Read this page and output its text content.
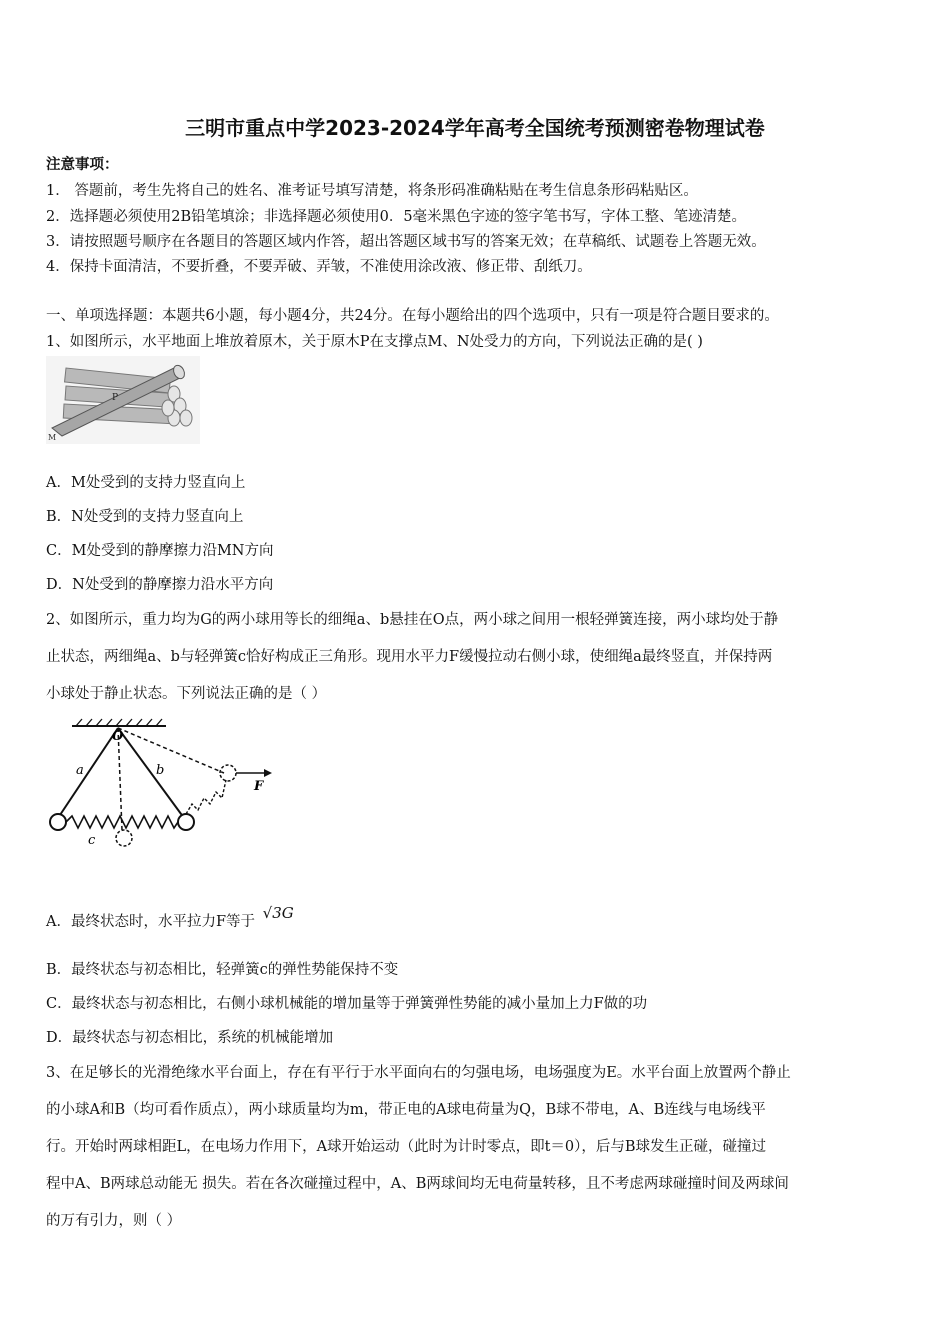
三明市重点中学2023-2024学年高考全国统考预测密卷物理试卷
注意事项：
1． 答题前，考生先将自己的姓名、准考证号填写清楚，将条形码准确粘贴在考生信息条形码粘贴区。
2．选择题必须使用2B铅笔填涂；非选择题必须使用0．5毫米黑色字迹的签字笔书写，字体工整、笔迹清楚。
3．请按照题号顺序在各题目的答题区域内作答，超出答题区域书写的答案无效；在草稿纸、试题卷上答题无效。
4．保持卡面清洁，不要折叠，不要弄破、弄皱，不准使用涂改液、修正带、刮纸刀。
一、单项选择题：本题共6小题，每小题4分，共24分。在每小题给出的四个选项中，只有一项是符合题目要求的。
1、如图所示，水平地面上堆放着原木，关于原木P在支撑点M、N处受力的方向，下列说法正确的是( )
M
P
A．M处受到的支持力竖直向上
B．N处受到的支持力竖直向上
C．M处受到的静摩擦力沿MN方向
D．N处受到的静摩擦力沿水平方向
2、如图所示，重力均为G的两小球用等长的细绳a、b悬挂在O点，两小球之间用一根轻弹簧连接，两小球均处于静
止状态，两细绳a、b与轻弹簧c恰好构成正三角形。现用水平力F缓慢拉动右侧小球，使细绳a最终竖直，并保持两
小球处于静止状态。下列说法正确的是（ ）
O
a	b
c
F
A．最终状态时，水平拉力F等于 √3G
B．最终状态与初态相比，轻弹簧c的弹性势能保持不变
C．最终状态与初态相比，右侧小球机械能的增加量等于弹簧弹性势能的减小量加上力F做的功
D．最终状态与初态相比，系统的机械能增加
3、在足够长的光滑绝缘水平台面上，存在有平行于水平面向右的匀强电场，电场强度为E。水平台面上放置两个静止
的小球A和B（均可看作质点），两小球质量均为m，带正电的A球电荷量为Q，B球不带电，A、B连线与电场线平
行。开始时两球相距L，在电场力作用下，A球开始运动（此时为计时零点，即t＝0），后与B球发生正碰，碰撞过
程中A、B两球总动能无 损失。若在各次碰撞过程中，A、B两球间均无电荷量转移，且不考虑两球碰撞时间及两球间
的万有引力，则（ ）
